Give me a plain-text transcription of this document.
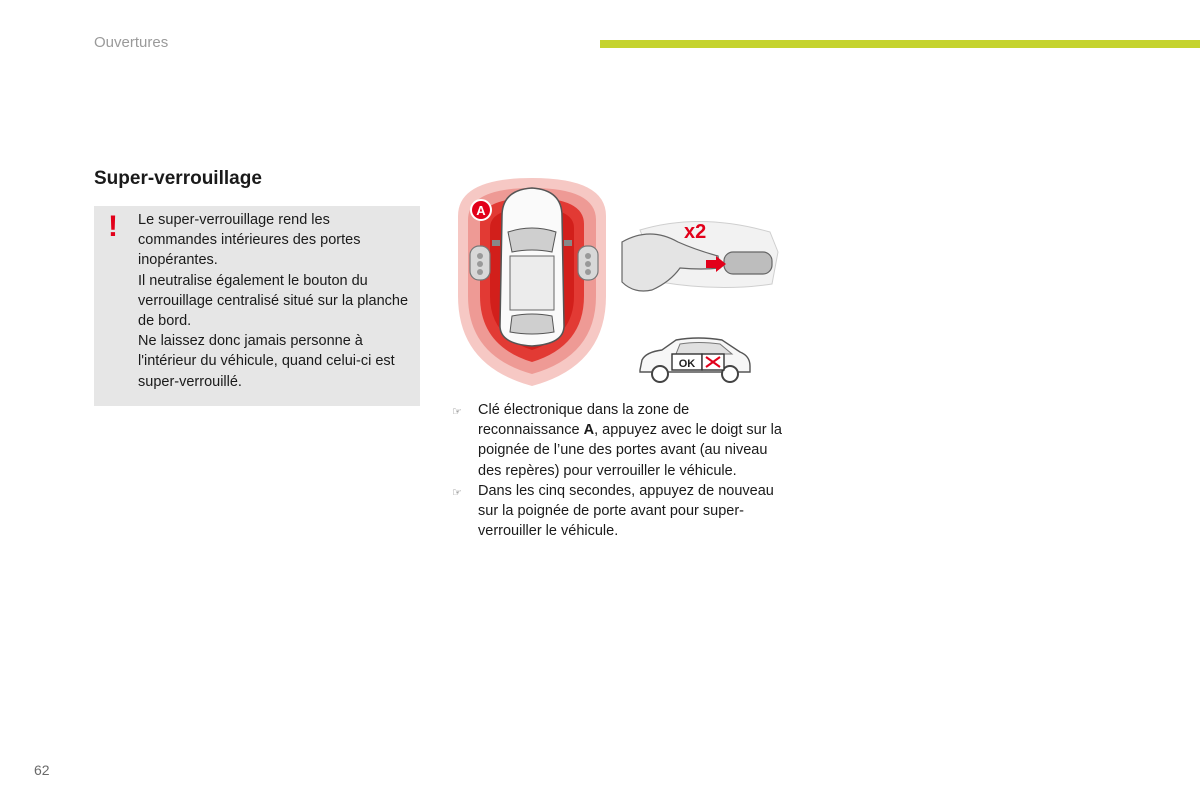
Ouvertures
Super-verrouillage
! Le super-verrouillage rend les commandes intérieures des portes inopérantes.

Il neutralise également le bouton du verrouillage centralisé situé sur la planche de bord.

Ne laissez donc jamais personne à l'intérieur du véhicule, quand celui-ci est super-verrouillé.

A
x2
OK
☞	Clé électronique dans la zone de reconnaissance A, appuyez avec le doigt sur la poignée de l’une des portes avant (au niveau des repères) pour verrouiller le véhicule.
☞	Dans les cinq secondes, appuyez de nouveau sur la poignée de porte avant pour super-verrouiller le véhicule.
62
